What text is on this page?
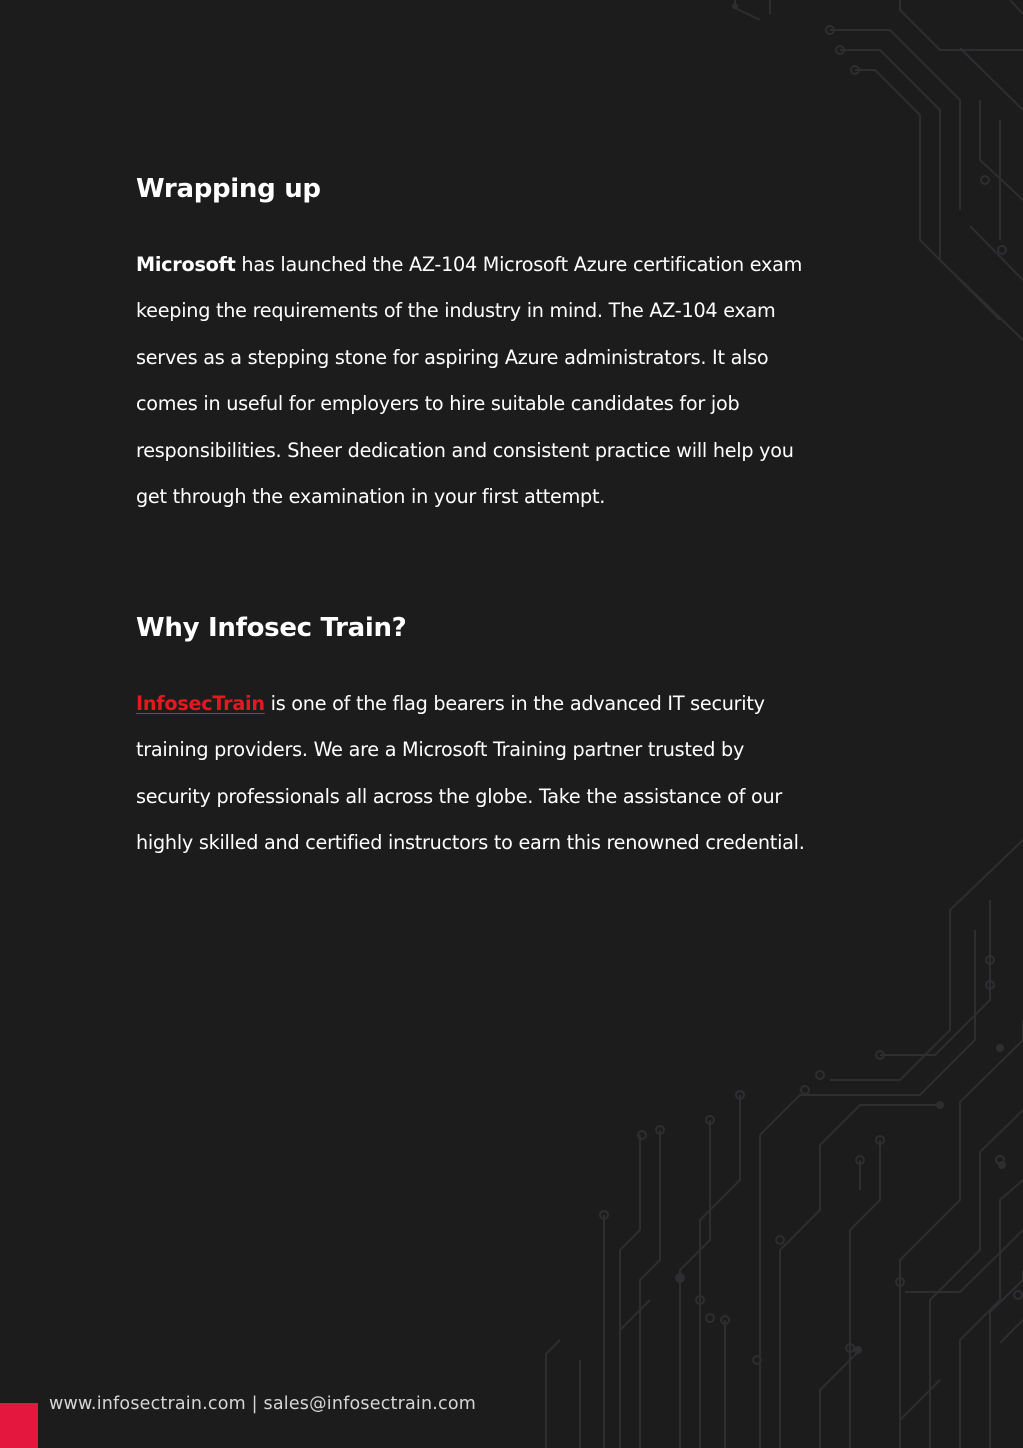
Wrapping up

Microsoft has launched the AZ-104 Microsoft Azure certification exam
keeping the requirements of the industry in mind. The AZ-104 exam
serves as a stepping stone for aspiring Azure administrators. It also
comes in useful for employers to hire suitable candidates for job
responsibilities. Sheer dedication and consistent practice will help you
get through the examination in your first attempt.

Why Infosec Train?

InfosecTrain is one of the flag bearers in the advanced IT security
training providers. We are a Microsoft Training partner trusted by
security professionals all across the globe. Take the assistance of our
highly skilled and certified instructors to earn this renowned credential.

www.infosectrain.com | sales@infosectrain.com
